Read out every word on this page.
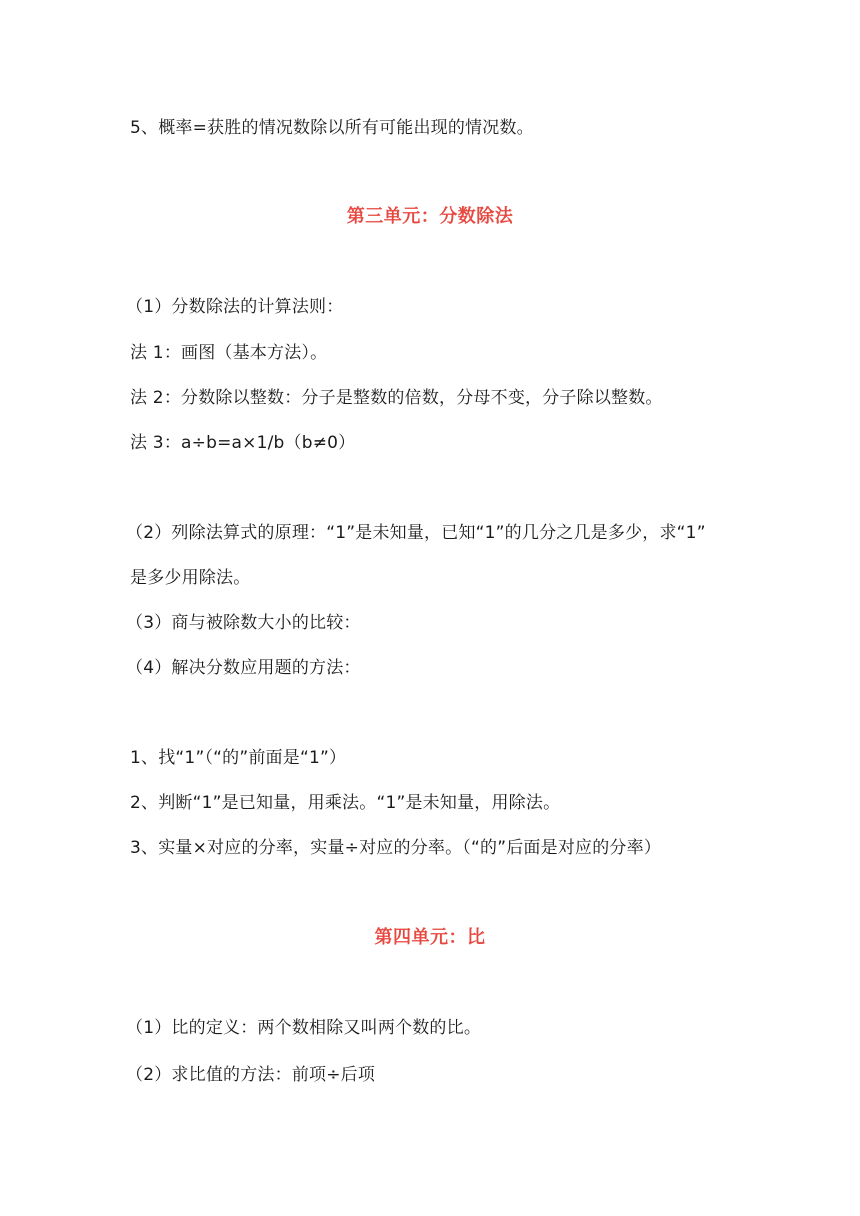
5、概率=获胜的情况数除以所有可能出现的情况数。
第三单元：分数除法
（1）分数除法的计算法则：
法 1：画图（基本方法）。
法 2：分数除以整数：分子是整数的倍数，分母不变，分子除以整数。
法 3：a÷b=a×1/b（b≠0）
（2）列除法算式的原理：“1”是未知量，已知“1”的几分之几是多少，求“1”
是多少用除法。
（3）商与被除数大小的比较：
（4）解决分数应用题的方法：
1、找“1”（“的”前面是“1”）
2、判断“1”是已知量，用乘法。“1”是未知量，用除法。
3、实量×对应的分率，实量÷对应的分率。（“的”后面是对应的分率）
第四单元：比
（1）比的定义：两个数相除又叫两个数的比。
（2）求比值的方法：前项÷后项
